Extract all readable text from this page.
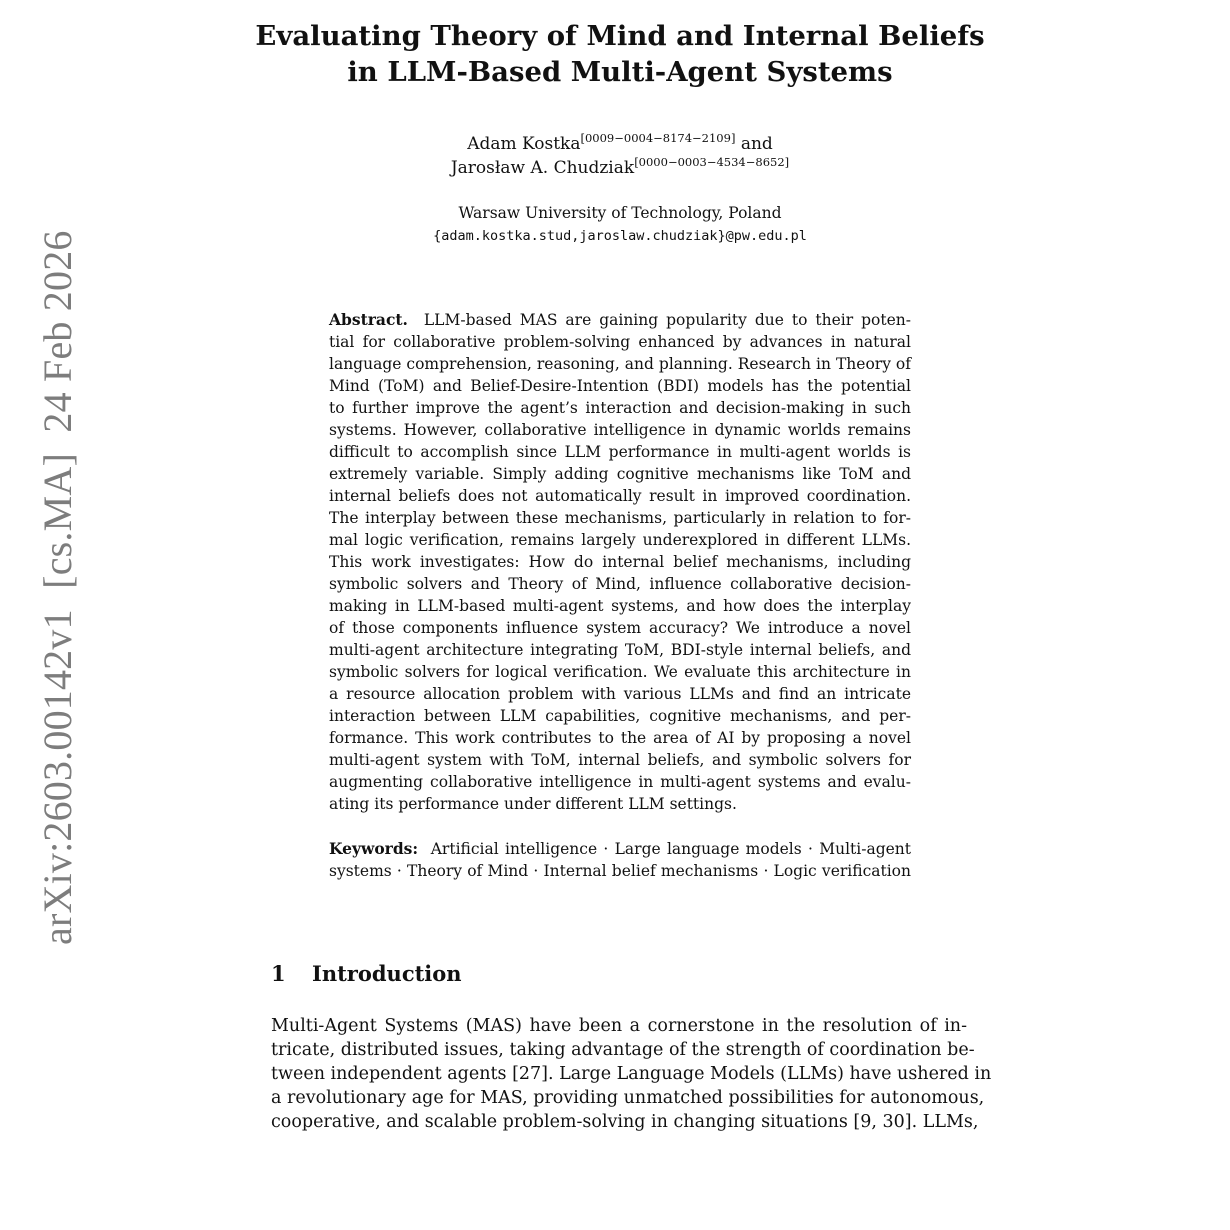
arXiv:2603.00142v1  [cs.MA]  24 Feb 2026
Evaluating Theory of Mind and Internal Beliefs
in LLM-Based Multi-Agent Systems
Adam Kostka[0009−0004−8174−2109] and
Jarosław A. Chudziak[0000−0003−4534−8652]
Warsaw University of Technology, Poland
{adam.kostka.stud,jaroslaw.chudziak}@pw.edu.pl
Abstract. LLM-based MAS are gaining popularity due to their poten-
tial for collaborative problem-solving enhanced by advances in natural
language comprehension, reasoning, and planning. Research in Theory of
Mind (ToM) and Belief-Desire-Intention (BDI) models has the potential
to further improve the agent’s interaction and decision-making in such
systems. However, collaborative intelligence in dynamic worlds remains
difficult to accomplish since LLM performance in multi-agent worlds is
extremely variable. Simply adding cognitive mechanisms like ToM and
internal beliefs does not automatically result in improved coordination.
The interplay between these mechanisms, particularly in relation to for-
mal logic verification, remains largely underexplored in different LLMs.
This work investigates: How do internal belief mechanisms, including
symbolic solvers and Theory of Mind, influence collaborative decision-
making in LLM-based multi-agent systems, and how does the interplay
of those components influence system accuracy? We introduce a novel
multi-agent architecture integrating ToM, BDI-style internal beliefs, and
symbolic solvers for logical verification. We evaluate this architecture in
a resource allocation problem with various LLMs and find an intricate
interaction between LLM capabilities, cognitive mechanisms, and per-
formance. This work contributes to the area of AI by proposing a novel
multi-agent system with ToM, internal beliefs, and symbolic solvers for
augmenting collaborative intelligence in multi-agent systems and evalu-
ating its performance under different LLM settings.
Keywords: Artificial intelligence · Large language models · Multi-agent
systems · Theory of Mind · Internal belief mechanisms · Logic verification
1 Introduction
Multi-Agent Systems (MAS) have been a cornerstone in the resolution of in-
tricate, distributed issues, taking advantage of the strength of coordination be-
tween independent agents [27]. Large Language Models (LLMs) have ushered in
a revolutionary age for MAS, providing unmatched possibilities for autonomous,
cooperative, and scalable problem-solving in changing situations [9, 30]. LLMs,
